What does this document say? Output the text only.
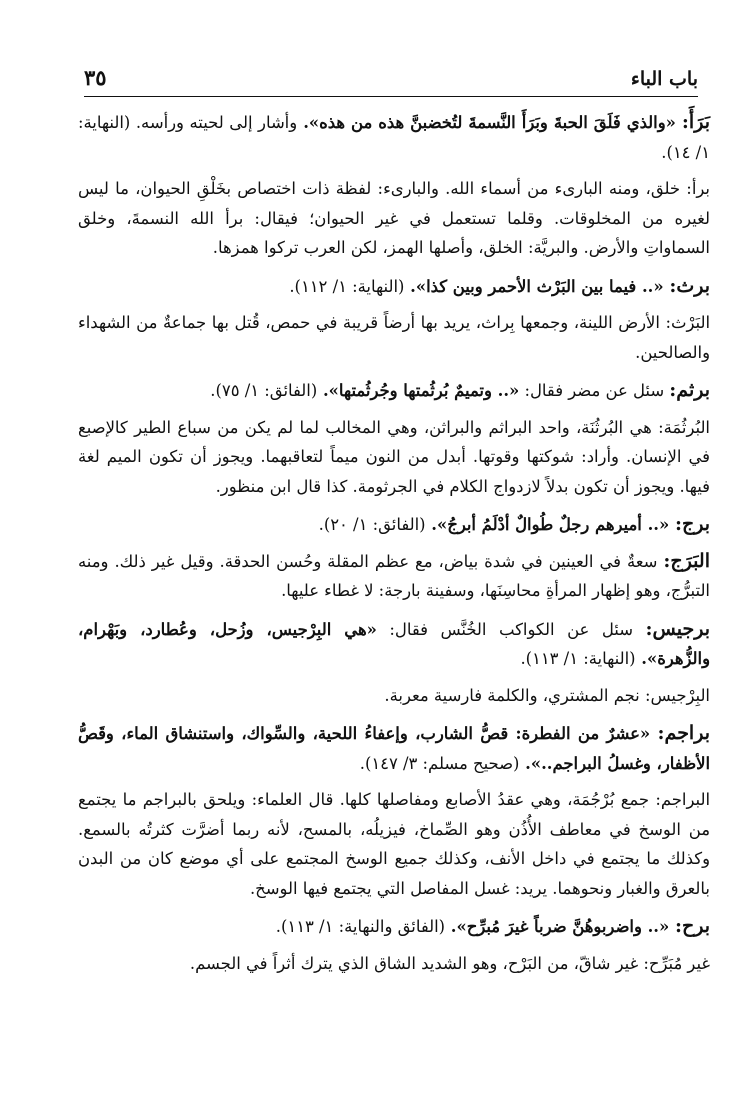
باب الباء
٣٥

بَرَأَ: «والذي فَلَقَ الحبةَ وبَرَأَ النَّسمةَ لتُخضبنَّ هذه من هذه». وأشار إلى لحيته ورأسه. (النهاية: ١/ ١٤).

برأ: خلق، ومنه البارىء من أسماء الله. والبارىء: لفظة ذات اختصاص بخَلْقِ الحيوان، ما ليس لغيره من المخلوقات. وقلما تستعمل في غير الحيوان؛ فيقال: برأ الله النسمةَ، وخلق السماواتِ والأرض. والبريَّة: الخلق، وأصلها الهمز، لكن العرب تركوا همزها.

برث: «.. فيما بين البَرْث الأحمر وبين كذا». (النهاية: ١/ ١١٢).

البَرْث: الأرض اللينة، وجمعها بِراث، يريد بها أرضاً قريبة في حمص، قُتل بها جماعةٌ من الشهداء والصالحين.

برثم: سئل عن مضر فقال: «.. وتميمٌ بُرثُمتها وجُرثُمتها». (الفائق: ١/ ٧٥).

البُرثُمَة: هي البُرثُنَة، واحد البراثم والبراثن، وهي المخالب لما لم يكن من سباع الطير كالإصبع في الإنسان. وأراد: شوكتها وقوتها. أبدل من النون ميماً لتعاقبهما. ويجوز أن تكون الميم لغة فيها. ويجوز أن تكون بدلاً لازدواج الكلام في الجرثومة. كذا قال ابن منظور.

برج: «.. أميرهم رجلٌ طُوالٌ أدْلَمُ أبرجُ». (الفائق: ١/ ٢٠).

البَرَج: سعةٌ في العينين في شدة بياض، مع عظم المقلة وحُسن الحدقة. وقيل غير ذلك. ومنه التبرُّج، وهو إظهار المرأةِ محاسِنَها، وسفينة بارجة: لا غطاء عليها.

برجيس: سئل عن الكواكب الخُنَّس فقال: «هي البِرْجيس، وزُحل، وعُطارد، وبَهْرام، والزُّهرة». (النهاية: ١/ ١١٣).

البِرْجيس: نجم المشتري، والكلمة فارسية معربة.

براجم: «عشرٌ من الفطرة: قصُّ الشارب، وإعفاءُ اللحية، والسِّواك، واستنشاق الماء، وقَصُّ الأظفار، وغسلُ البراجم..». (صحيح مسلم: ٣/ ١٤٧).

البراجم: جمع بُرْجُمَة، وهي عقدُ الأصابع ومفاصلها كلها. قال العلماء: ويلحق بالبراجم ما يجتمع من الوسخ في معاطف الأُذُن وهو الصِّماخ، فيزيلُه، بالمسح، لأنه ربما أضرَّت كثرتُه بالسمع. وكذلك ما يجتمع في داخل الأنف، وكذلك جميع الوسخ المجتمع على أي موضع كان من البدن بالعرق والغبار ونحوهما. يريد: غسل المفاصل التي يجتمع فيها الوسخ.

برح: «.. واضربوهُنَّ ضرباً غيرَ مُبرِّح». (الفائق والنهاية: ١/ ١١٣).

غير مُبَرِّح: غير شاقّ، من البَرْح، وهو الشديد الشاق الذي يترك أثراً في الجسم.
